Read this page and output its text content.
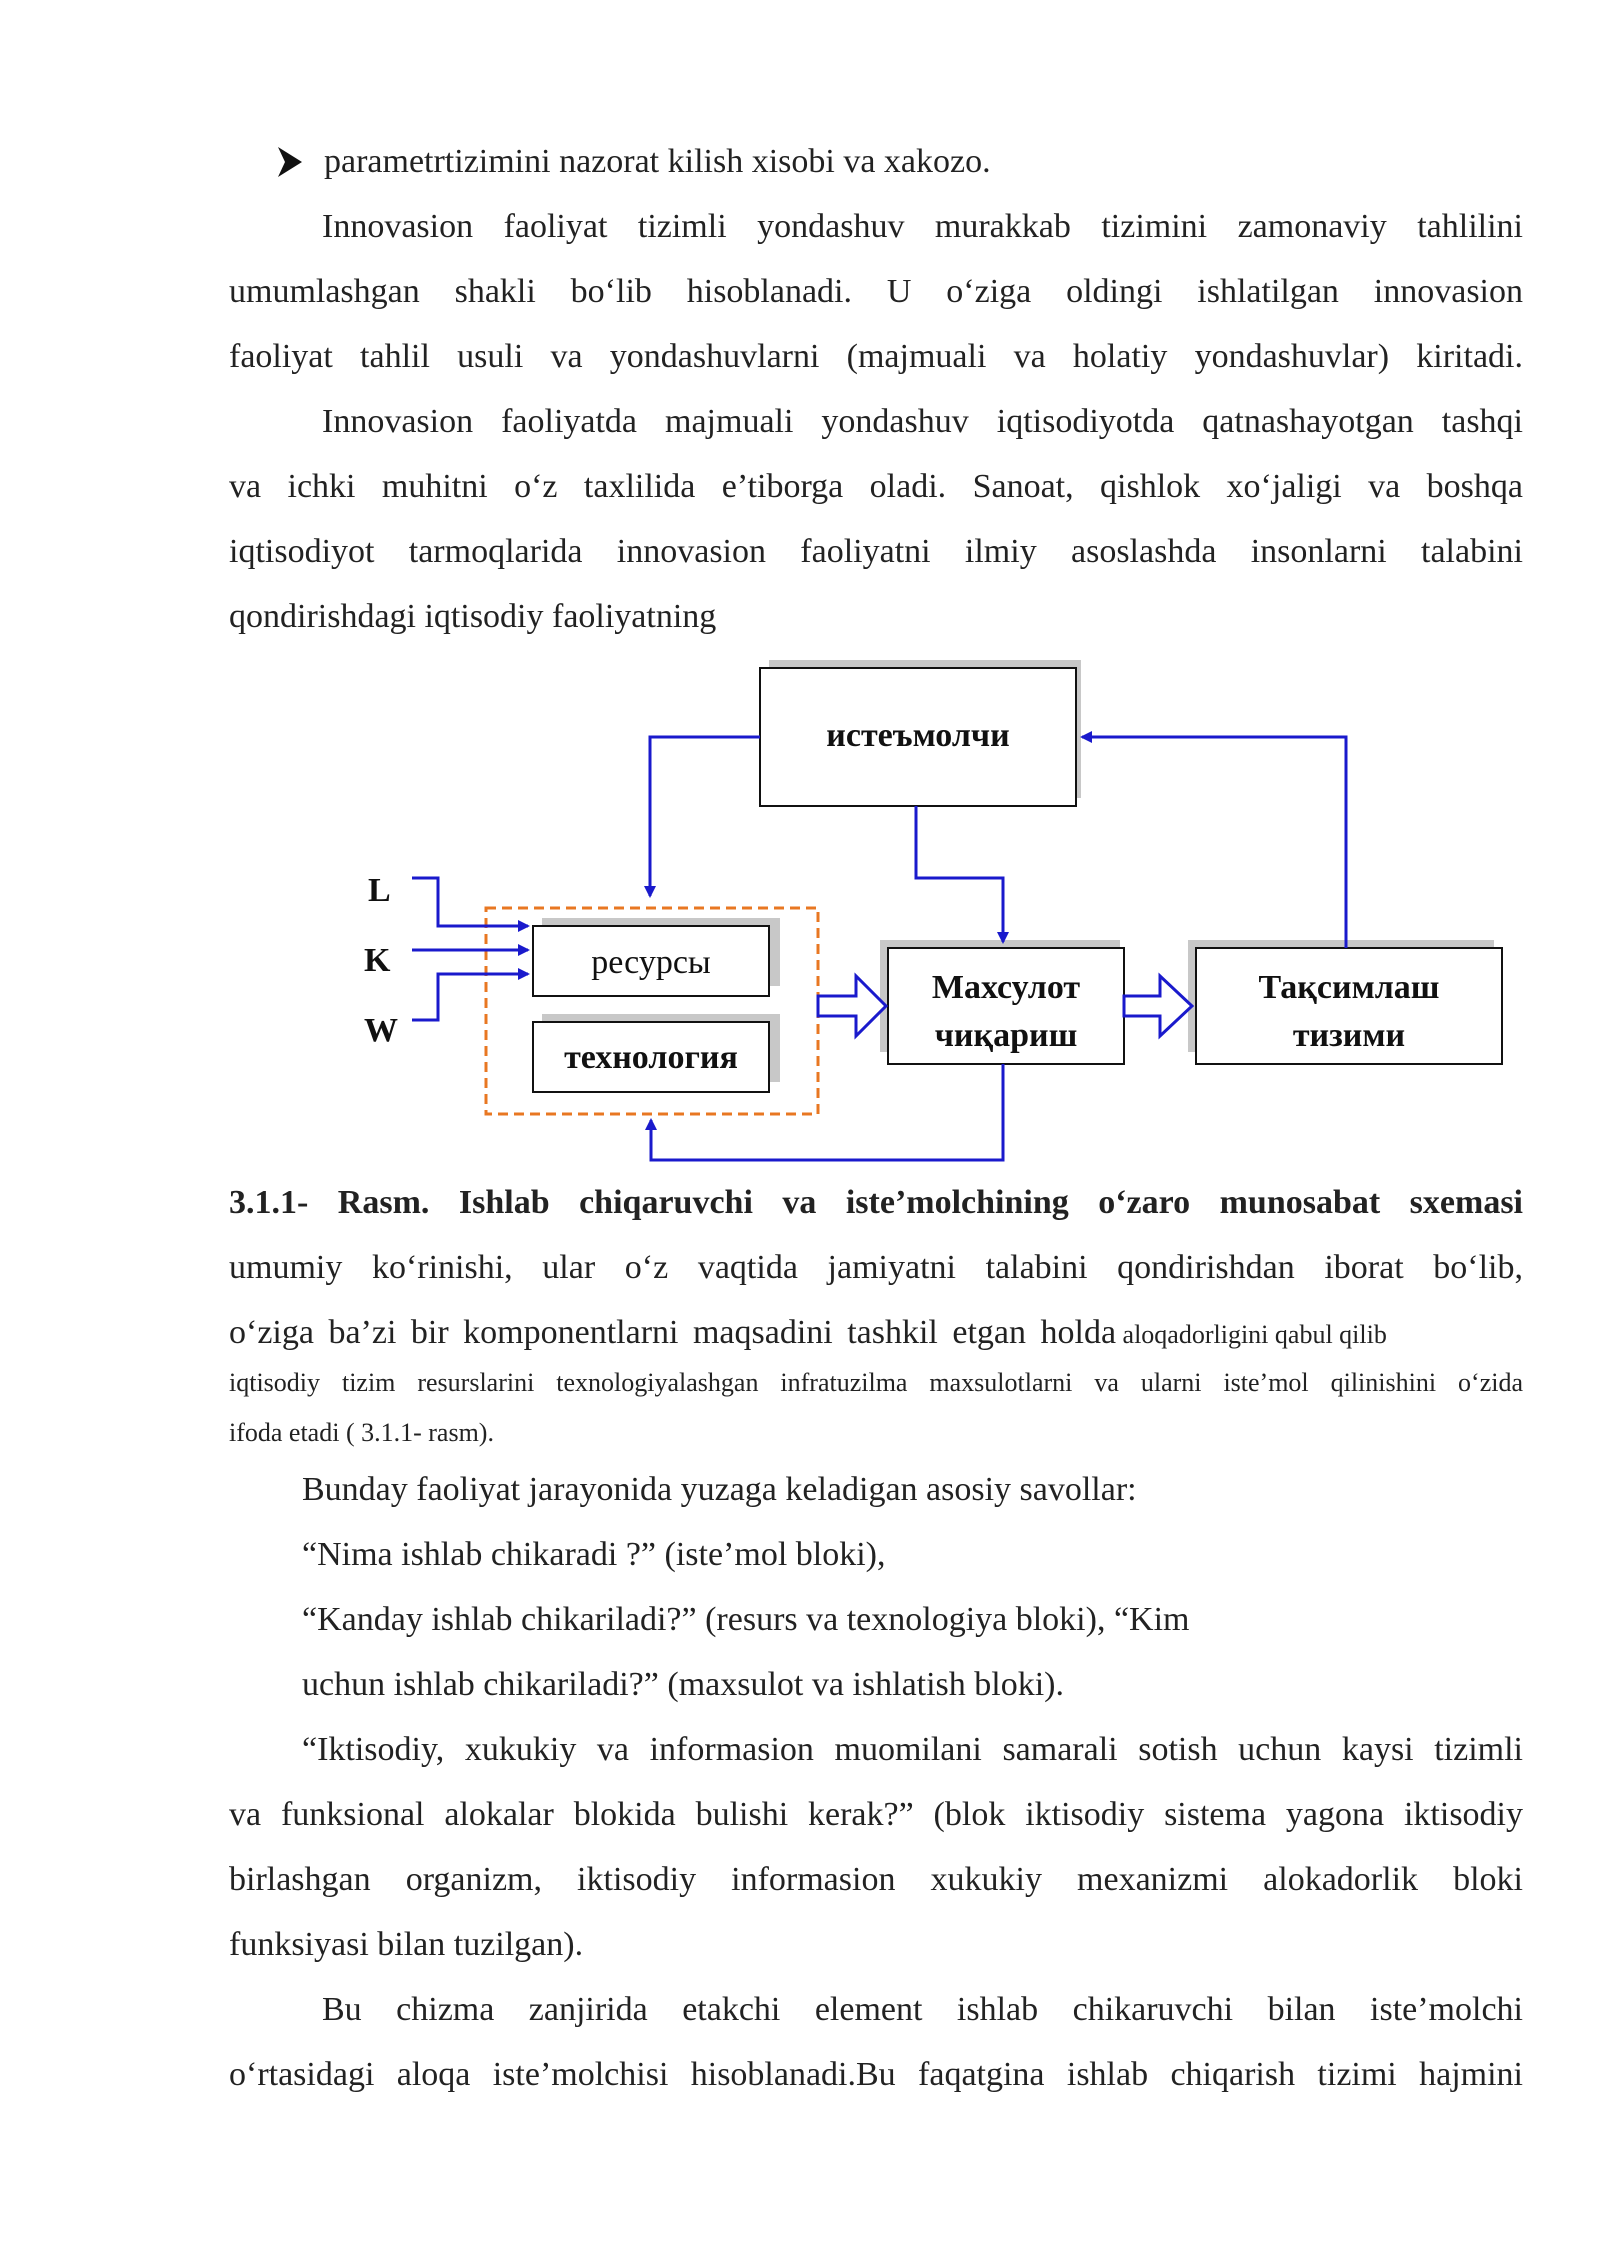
parametrtizimini nazorat kilish xisobi va xakozo.
Innovasion faoliyat tizimli yondashuv murakkab tizimini zamonaviy tahlilini
umumlashgan shakli bo‘lib hisoblanadi. U o‘ziga oldingi ishlatilgan innovasion
faoliyat tahlil usuli va yondashuvlarni (majmuali va holatiy yondashuvlar) kiritadi.
Innovasion faoliyatda majmuali yondashuv iqtisodiyotda qatnashayotgan tashqi
va ichki muhitni o‘z taxlilida e’tiborga oladi. Sanoat, qishlok xo‘jaligi va boshqa
iqtisodiyot tarmoqlarida innovasion faoliyatni ilmiy asoslashda insonlarni talabini
qondirishdagi iqtisodiy faoliyatning
истеъмолчи
ресурсы
технология
Махсулот
чиқариш
Тақсимлаш
тизими
L
K
W
3.1.1- Rasm. Ishlab chiqaruvchi va iste’molchining o‘zaro munosabat sxemasi
umumiy ko‘rinishi, ular o‘z vaqtida jamiyatni talabini qondirishdan iborat bo‘lib,
o‘ziga ba’zi bir komponentlarni maqsadini tashkil etgan holda aloqadorligini qabul qilib
iqtisodiy tizim resurslarini texnologiyalashgan infratuzilma maxsulotlarni va ularni iste’mol qilinishini o‘zida
ifoda etadi ( 3.1.1- rasm).
Bunday faoliyat jarayonida yuzaga keladigan asosiy savollar:
“Nima ishlab chikaradi ?” (iste’mol bloki),
“Kanday ishlab chikariladi?” (resurs va texnologiya bloki), “Kim
uchun ishlab chikariladi?” (maxsulot va ishlatish bloki).
“Iktisodiy, xukukiy va informasion muomilani samarali sotish uchun kaysi tizimli
va funksional alokalar blokida bulishi kerak?” (blok iktisodiy sistema yagona iktisodiy
birlashgan organizm, iktisodiy informasion xukukiy mexanizmi alokadorlik bloki
funksiyasi bilan tuzilgan).
Bu chizma zanjirida etakchi element ishlab chikaruvchi bilan iste’molchi
o‘rtasidagi aloqa iste’molchisi hisoblanadi.Bu faqatgina ishlab chiqarish tizimi hajmini
